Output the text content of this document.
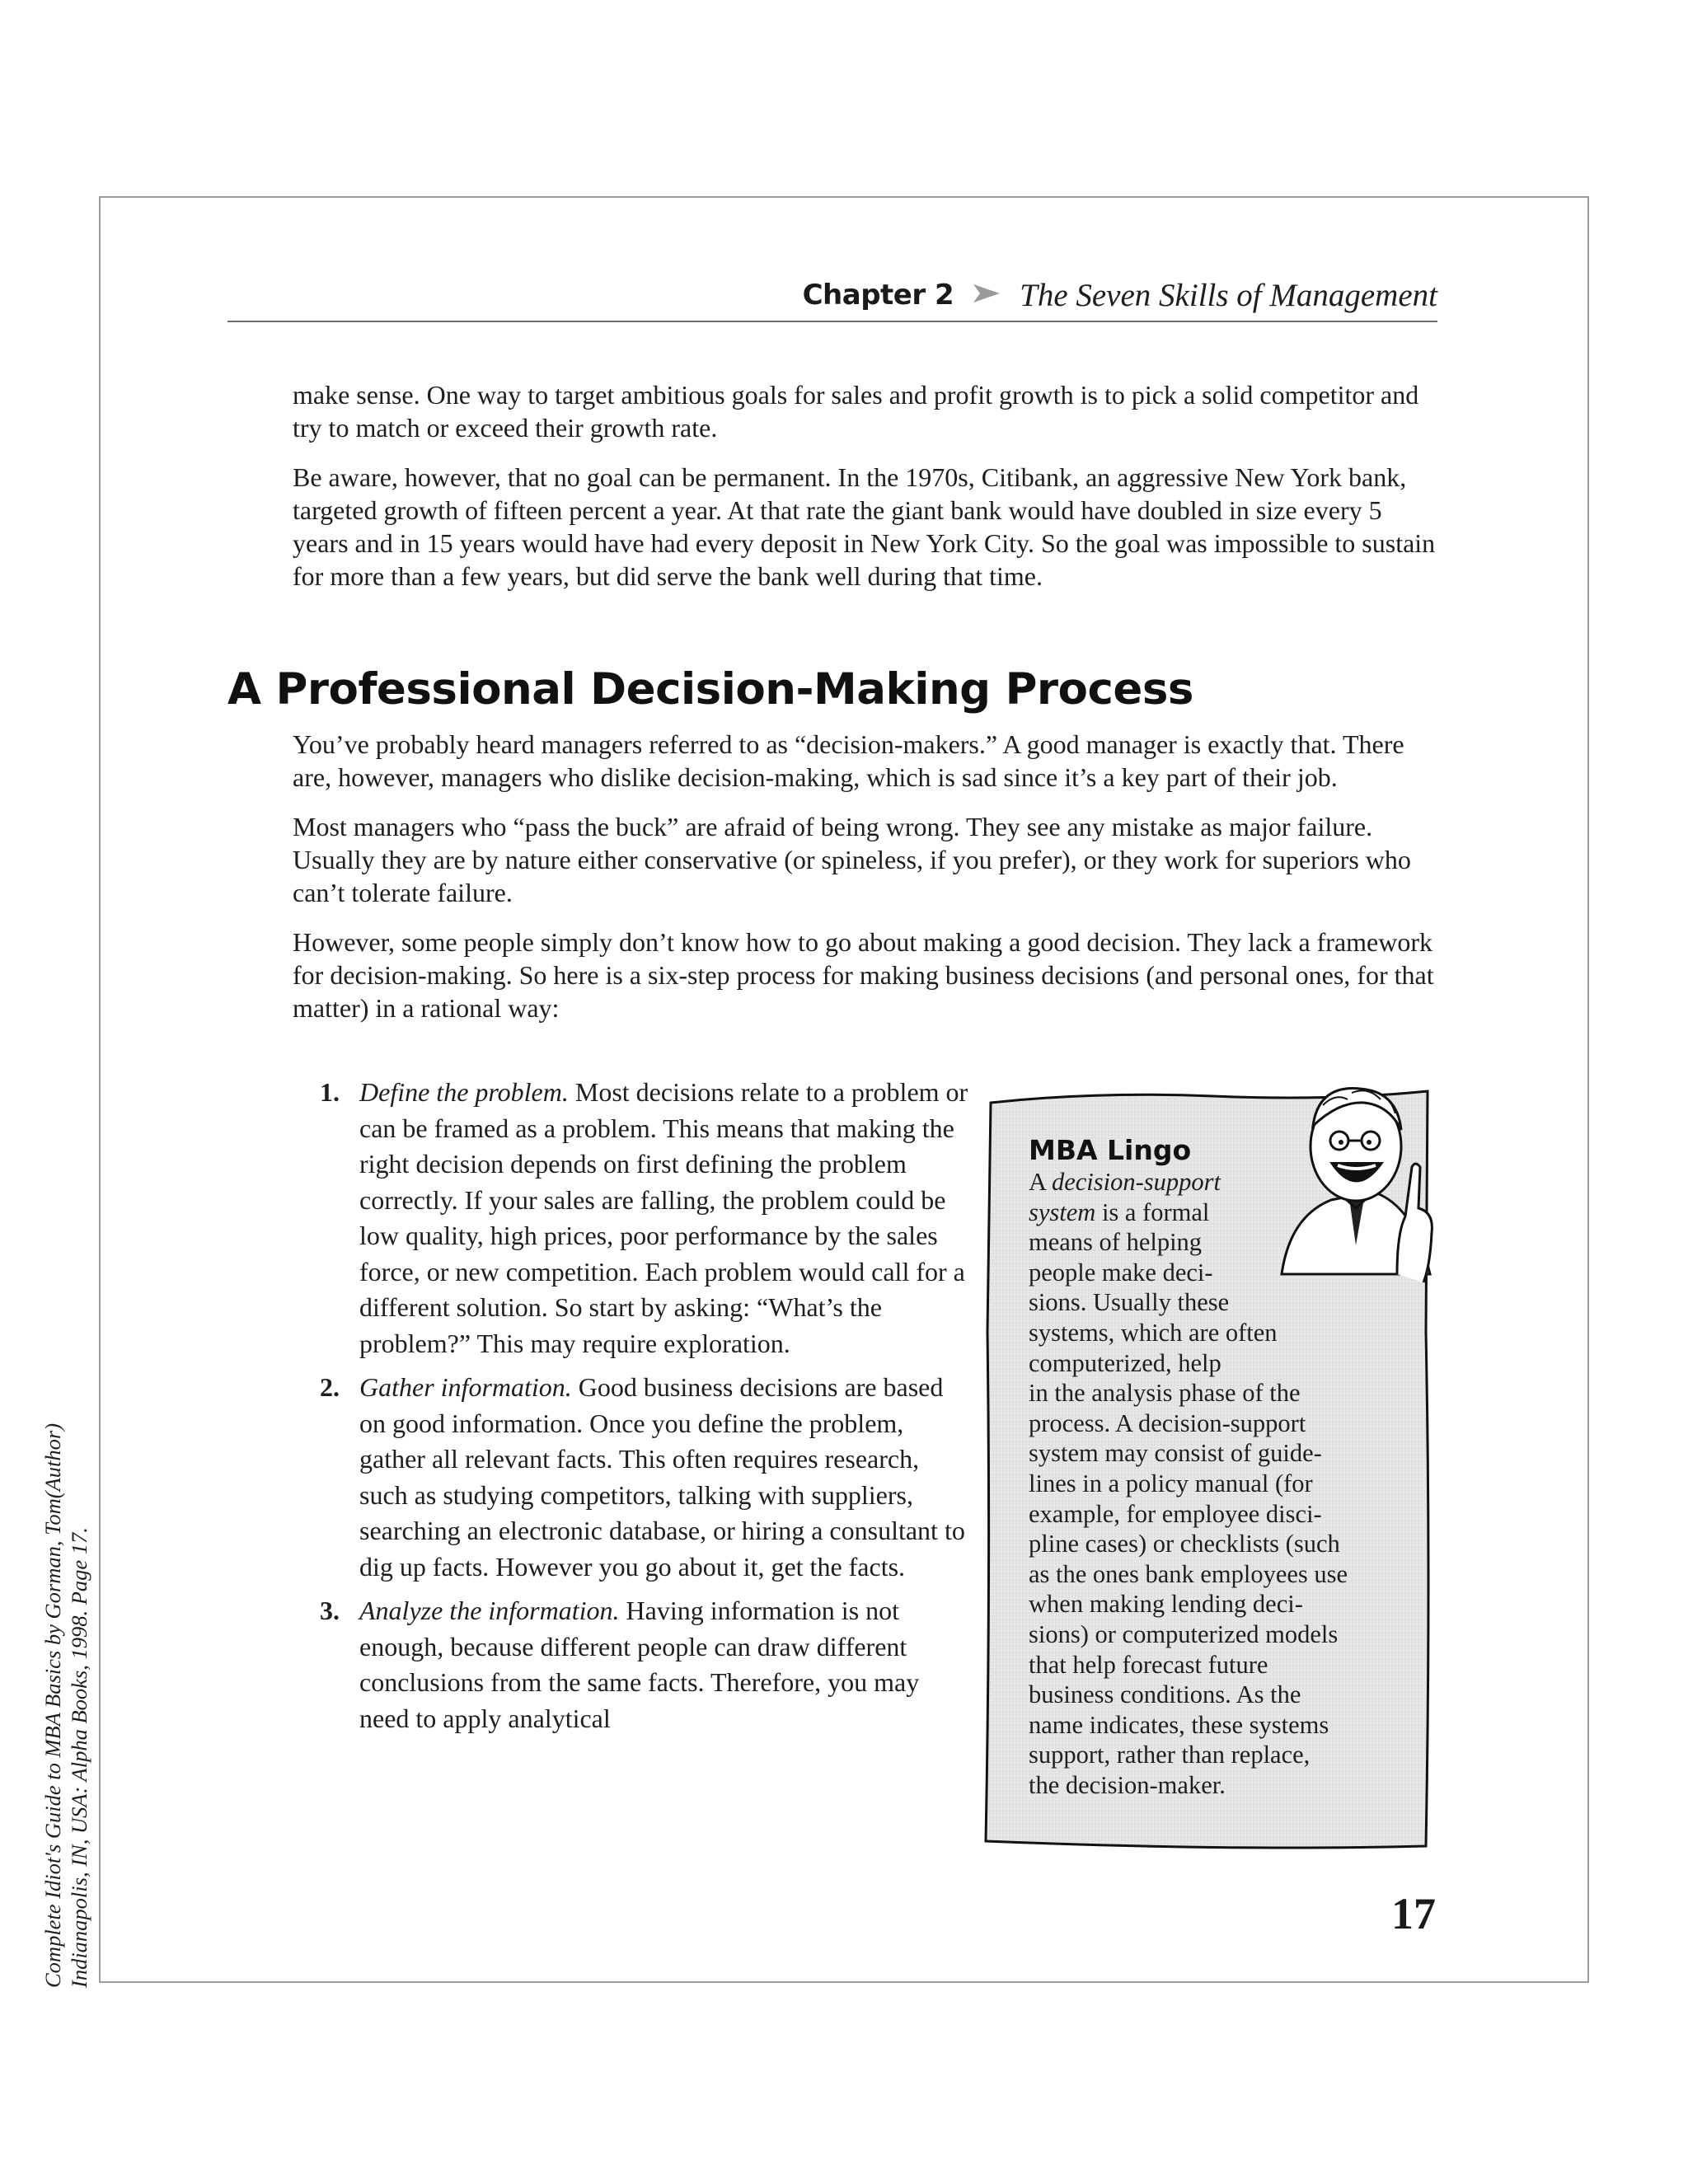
Chapter 2 The Seven Skills of Management

make sense. One way to target ambitious goals for sales and profit growth is to pick a solid competitor and try to match or exceed their growth rate.

Be aware, however, that no goal can be permanent. In the 1970s, Citibank, an aggressive New York bank, targeted growth of fifteen percent a year. At that rate the giant bank would have doubled in size every 5 years and in 15 years would have had every deposit in New York City. So the goal was impossible to sustain for more than a few years, but did serve the bank well during that time.

A Professional Decision-Making Process

You’ve probably heard managers referred to as “decision-makers.” A good manager is exactly that. There are, however, managers who dislike decision-making, which is sad since it’s a key part of their job.

Most managers who “pass the buck” are afraid of being wrong. They see any mistake as major failure. Usually they are by nature either conservative (or spineless, if you prefer), or they work for superiors who can’t tolerate failure.

However, some people simply don’t know how to go about making a good decision. They lack a framework for decision-making. So here is a six-step process for making business decisions (and personal ones, for that matter) in a rational way:

1. Define the problem. Most decisions relate to a problem or can be framed as a problem. This means that making the right decision depends on first defining the problem correctly. If your sales are falling, the problem could be low quality, high prices, poor performance by the sales force, or new competition. Each problem would call for a different solution. So start by asking: “What’s the problem?” This may require exploration.
2. Gather information. Good business decisions are based on good information. Once you define the problem, gather all relevant facts. This often requires research, such as studying competitors, talking with suppliers, searching an electronic database, or hiring a consultant to dig up facts. However you go about it, get the facts.
3. Analyze the information. Having information is not enough, because different people can draw different conclusions from the same facts. Therefore, you may need to apply analytical
MBA Lingo
A decision-support
system is a formal
means of helping
people make deci-
sions. Usually these
systems, which are often
computerized, help
in the analysis phase of the
process. A decision-support
system may consist of guide-
lines in a policy manual (for
example, for employee disci-
pline cases) or checklists (such
as the ones bank employees use
when making lending deci-
sions) or computerized models
that help forecast future
business conditions. As the
name indicates, these systems
support, rather than replace,
the decision-maker.
17
Complete Idiot's Guide to MBA Basics by Gorman, Tom(Author) Indianapolis, IN, USA: Alpha Books, 1998. Page 17.
